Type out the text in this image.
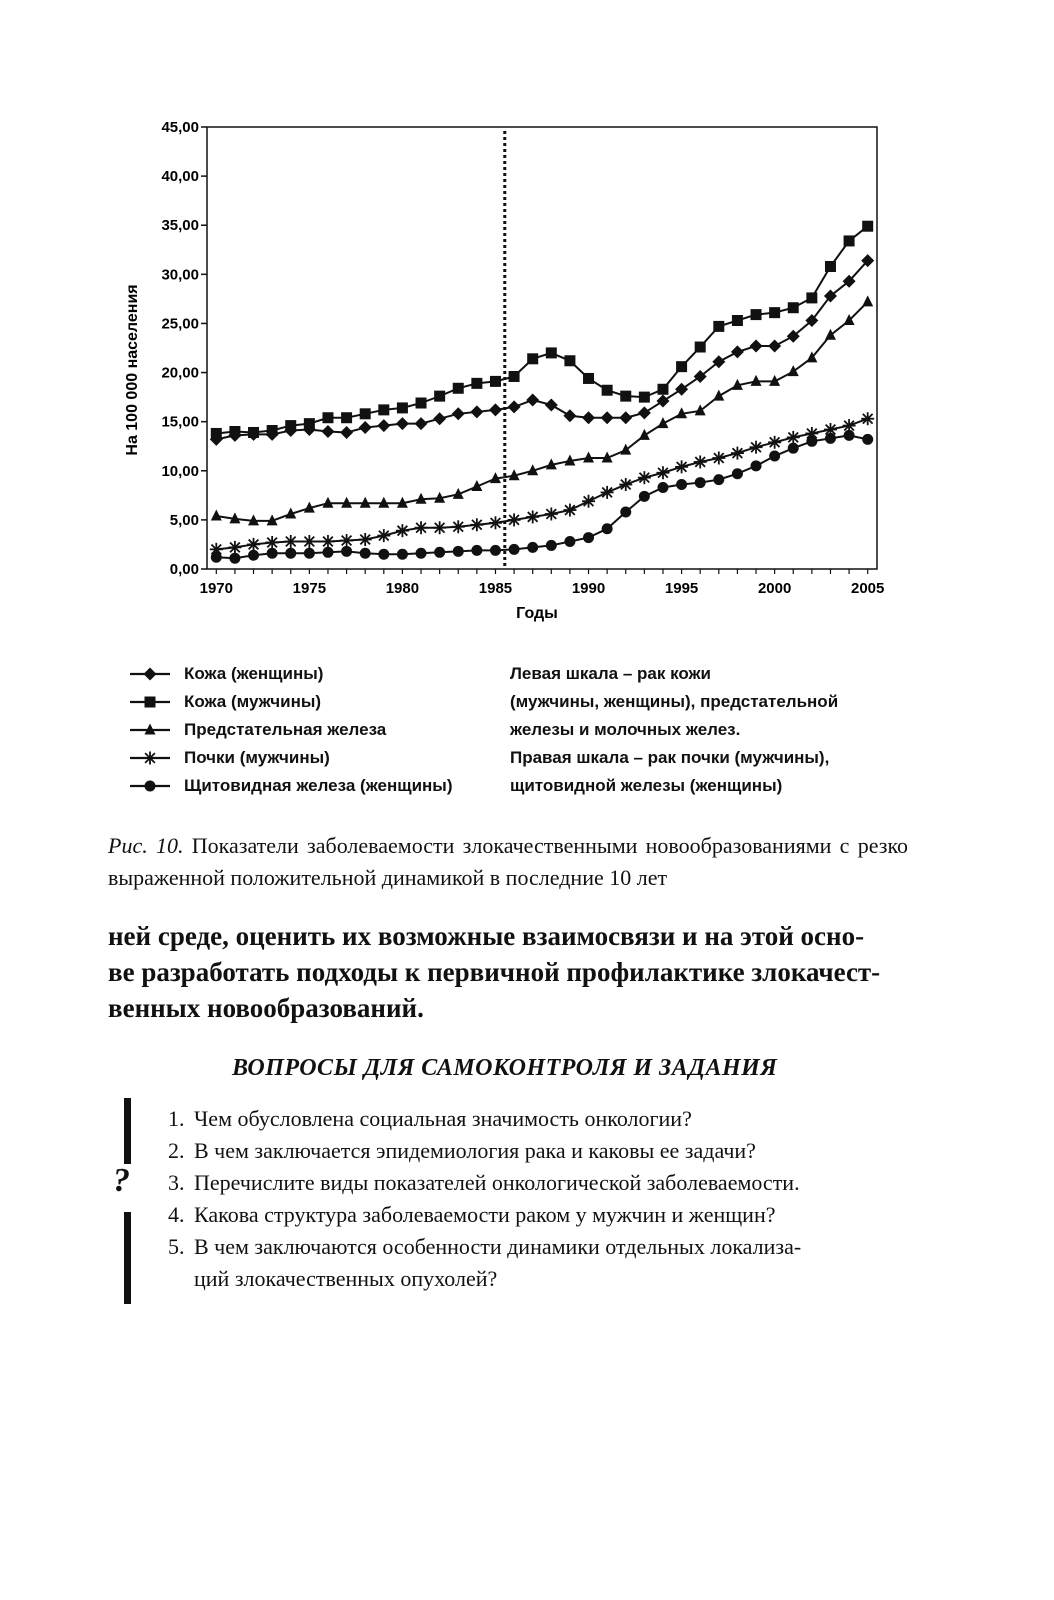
0,00
5,00
10,00
15,00
20,00
25,00
30,00
35,00
40,00
45,00
1970	1975	1980	1985	1990	1995	2000	2005
На 100 000 населения
Годы
Кожа (женщины)
Кожа (мужчины)
Предстательная железа
Почки (мужчины)
Щитовидная железа (женщины)
Левая шкала – рак кожи
(мужчины, женщины), предстательной
железы и молочных желез.
Правая шкала – рак почки (мужчины),
щитовидной железы (женщины)
Рис. 10. Показатели заболеваемости злокачественными новообразованиями с резко выраженной положительной динамикой в последние 10 лет
ней среде, оценить их возможные взаимосвязи и на этой осно-
ве разработать подходы к первичной профилактике злокачест-
венных новообразований.
ВОПРОСЫ ДЛЯ САМОКОНТРОЛЯ И ЗАДАНИЯ
?
1. Чем обусловлена социальная значимость онкологии?
2. В чем заключается эпидемиология рака и каковы ее задачи?
3. Перечислите виды показателей онкологической заболеваемости.
4. Какова структура заболеваемости раком у мужчин и женщин?
5. В чем заключаются особенности динамики отдельных локализа-
ций злокачественных опухолей?
